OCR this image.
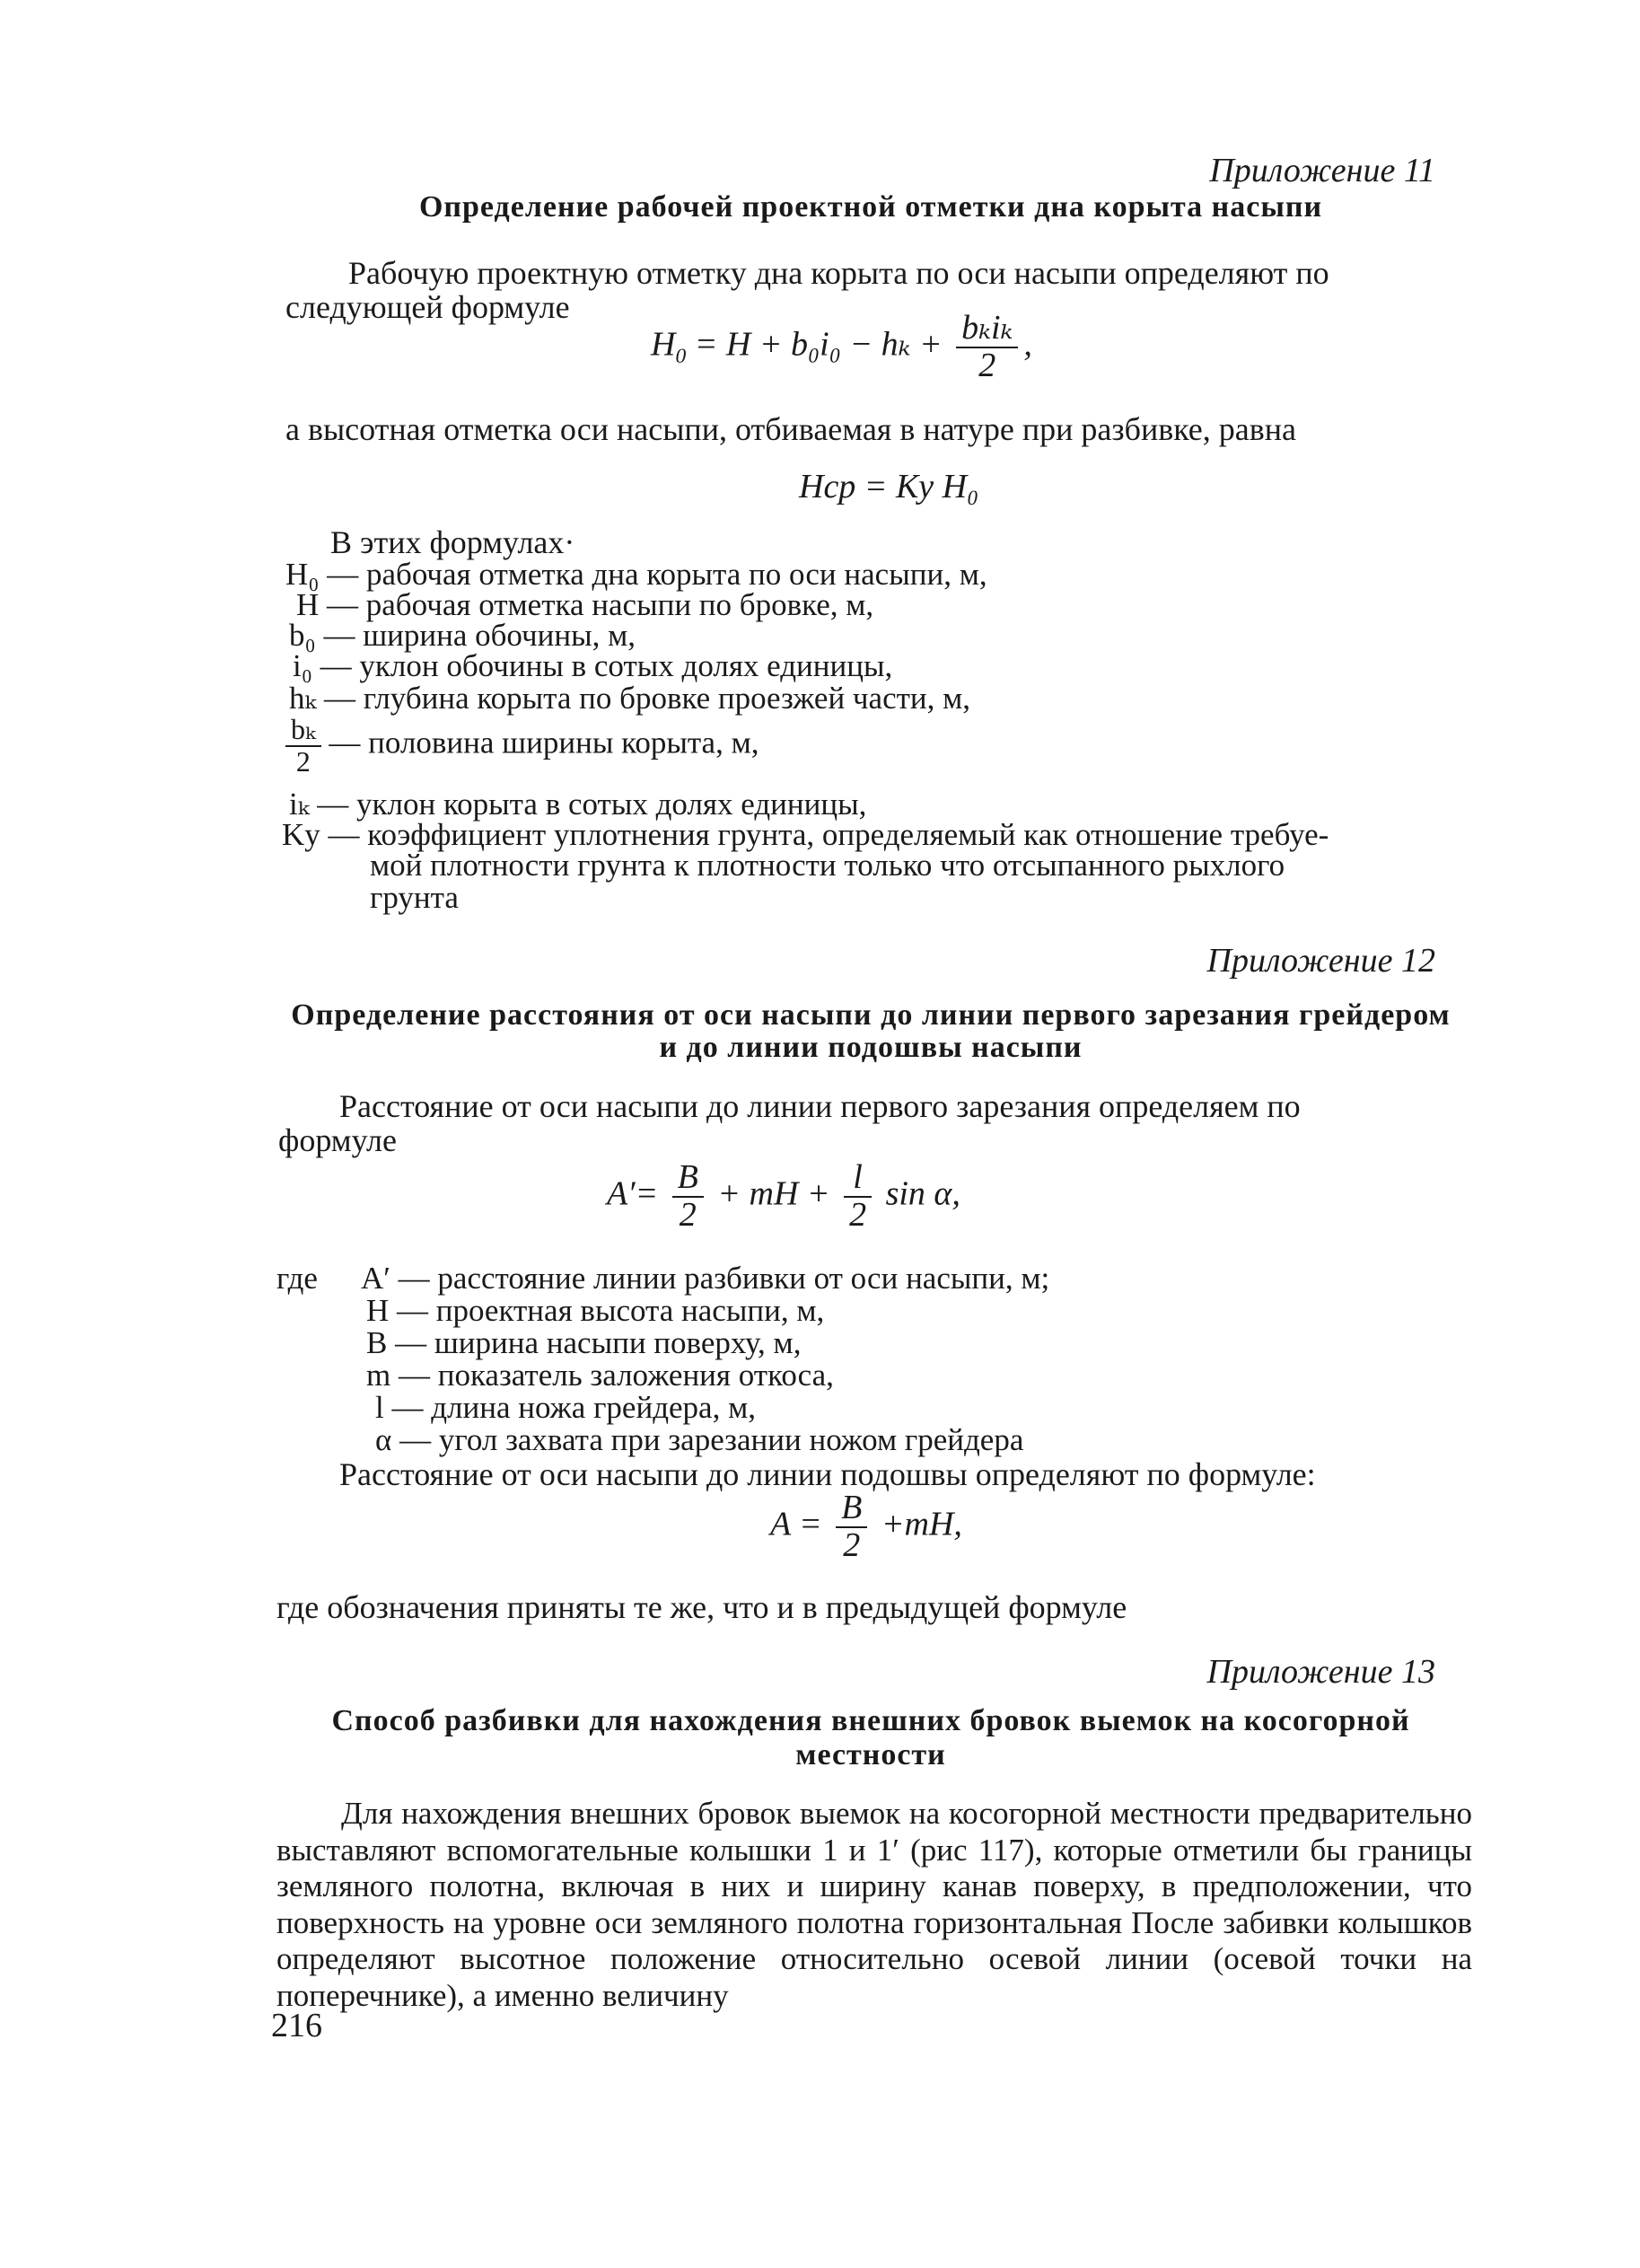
Приложение 11
Определение рабочей проектной отметки дна корыта насыпи
Рабочую проектную отметку дна корыта по оси насыпи определяют по
следующей формуле
$H_0 = H + b_0i_0 - h_k + \frac{\text{bₖiₖ}}{2}$ ,
а высотная отметка оси насыпи, отбиваемая в натуре при разбивке, равна
Hср = Kу H₀
В этих формулах·
H₀ — рабочая отметка дна корыта по оси насыпи, м,
H — рабочая отметка насыпи по бровке, м,
b₀ — ширина обочины, м,
i₀ — уклон обочины в сотых долях единицы,
hₖ — глубина корыта по бровке проезжей части, м,
$\frac{\text{bₖ}}{2}$ — половина ширины корыта, м,
iₖ — уклон корыта в сотых долях единицы,
Kу — коэффициент уплотнения грунта, определяемый как отношение требуе-
мой плотности грунта к плотности только что отсыпанного рыхлого
грунта
Приложение 12
Определение расстояния от оси насыпи до линии первого зарезания грейдером
и до линии подошвы насыпи
Расстояние от оси насыпи до линии первого зарезания определяем по
формуле
$A'= \frac{B}{2}$ + mH + $\frac{l}{2}$ sin α,
где A′ — расстояние линии разбивки от оси насыпи, м;
H — проектная высота насыпи, м,
B — ширина насыпи поверху, м,
m — показатель заложения откоса,
l — длина ножа грейдера, м,
α — угол захвата при зарезании ножом грейдера
Расстояние от оси насыпи до линии подошвы определяют по формуле:
$A = \frac{B}{2} +mH$,
где обозначения приняты те же, что и в предыдущей формуле
Приложение 13
Способ разбивки для нахождения внешних бровок выемок на косогорной
местности
Для нахождения внешних бровок выемок на косогорной местности предварительно выставляют вспомогательные колышки 1 и 1′ (рис 117), которые отметили бы границы земляного полотна, включая в них и ширину канав поверху, в предположении, что поверхность на уровне оси земляного полотна горизонтальная После забивки колышков определяют высотное положение относительно осевой линии (осевой точки на поперечнике), а именно величину
216
